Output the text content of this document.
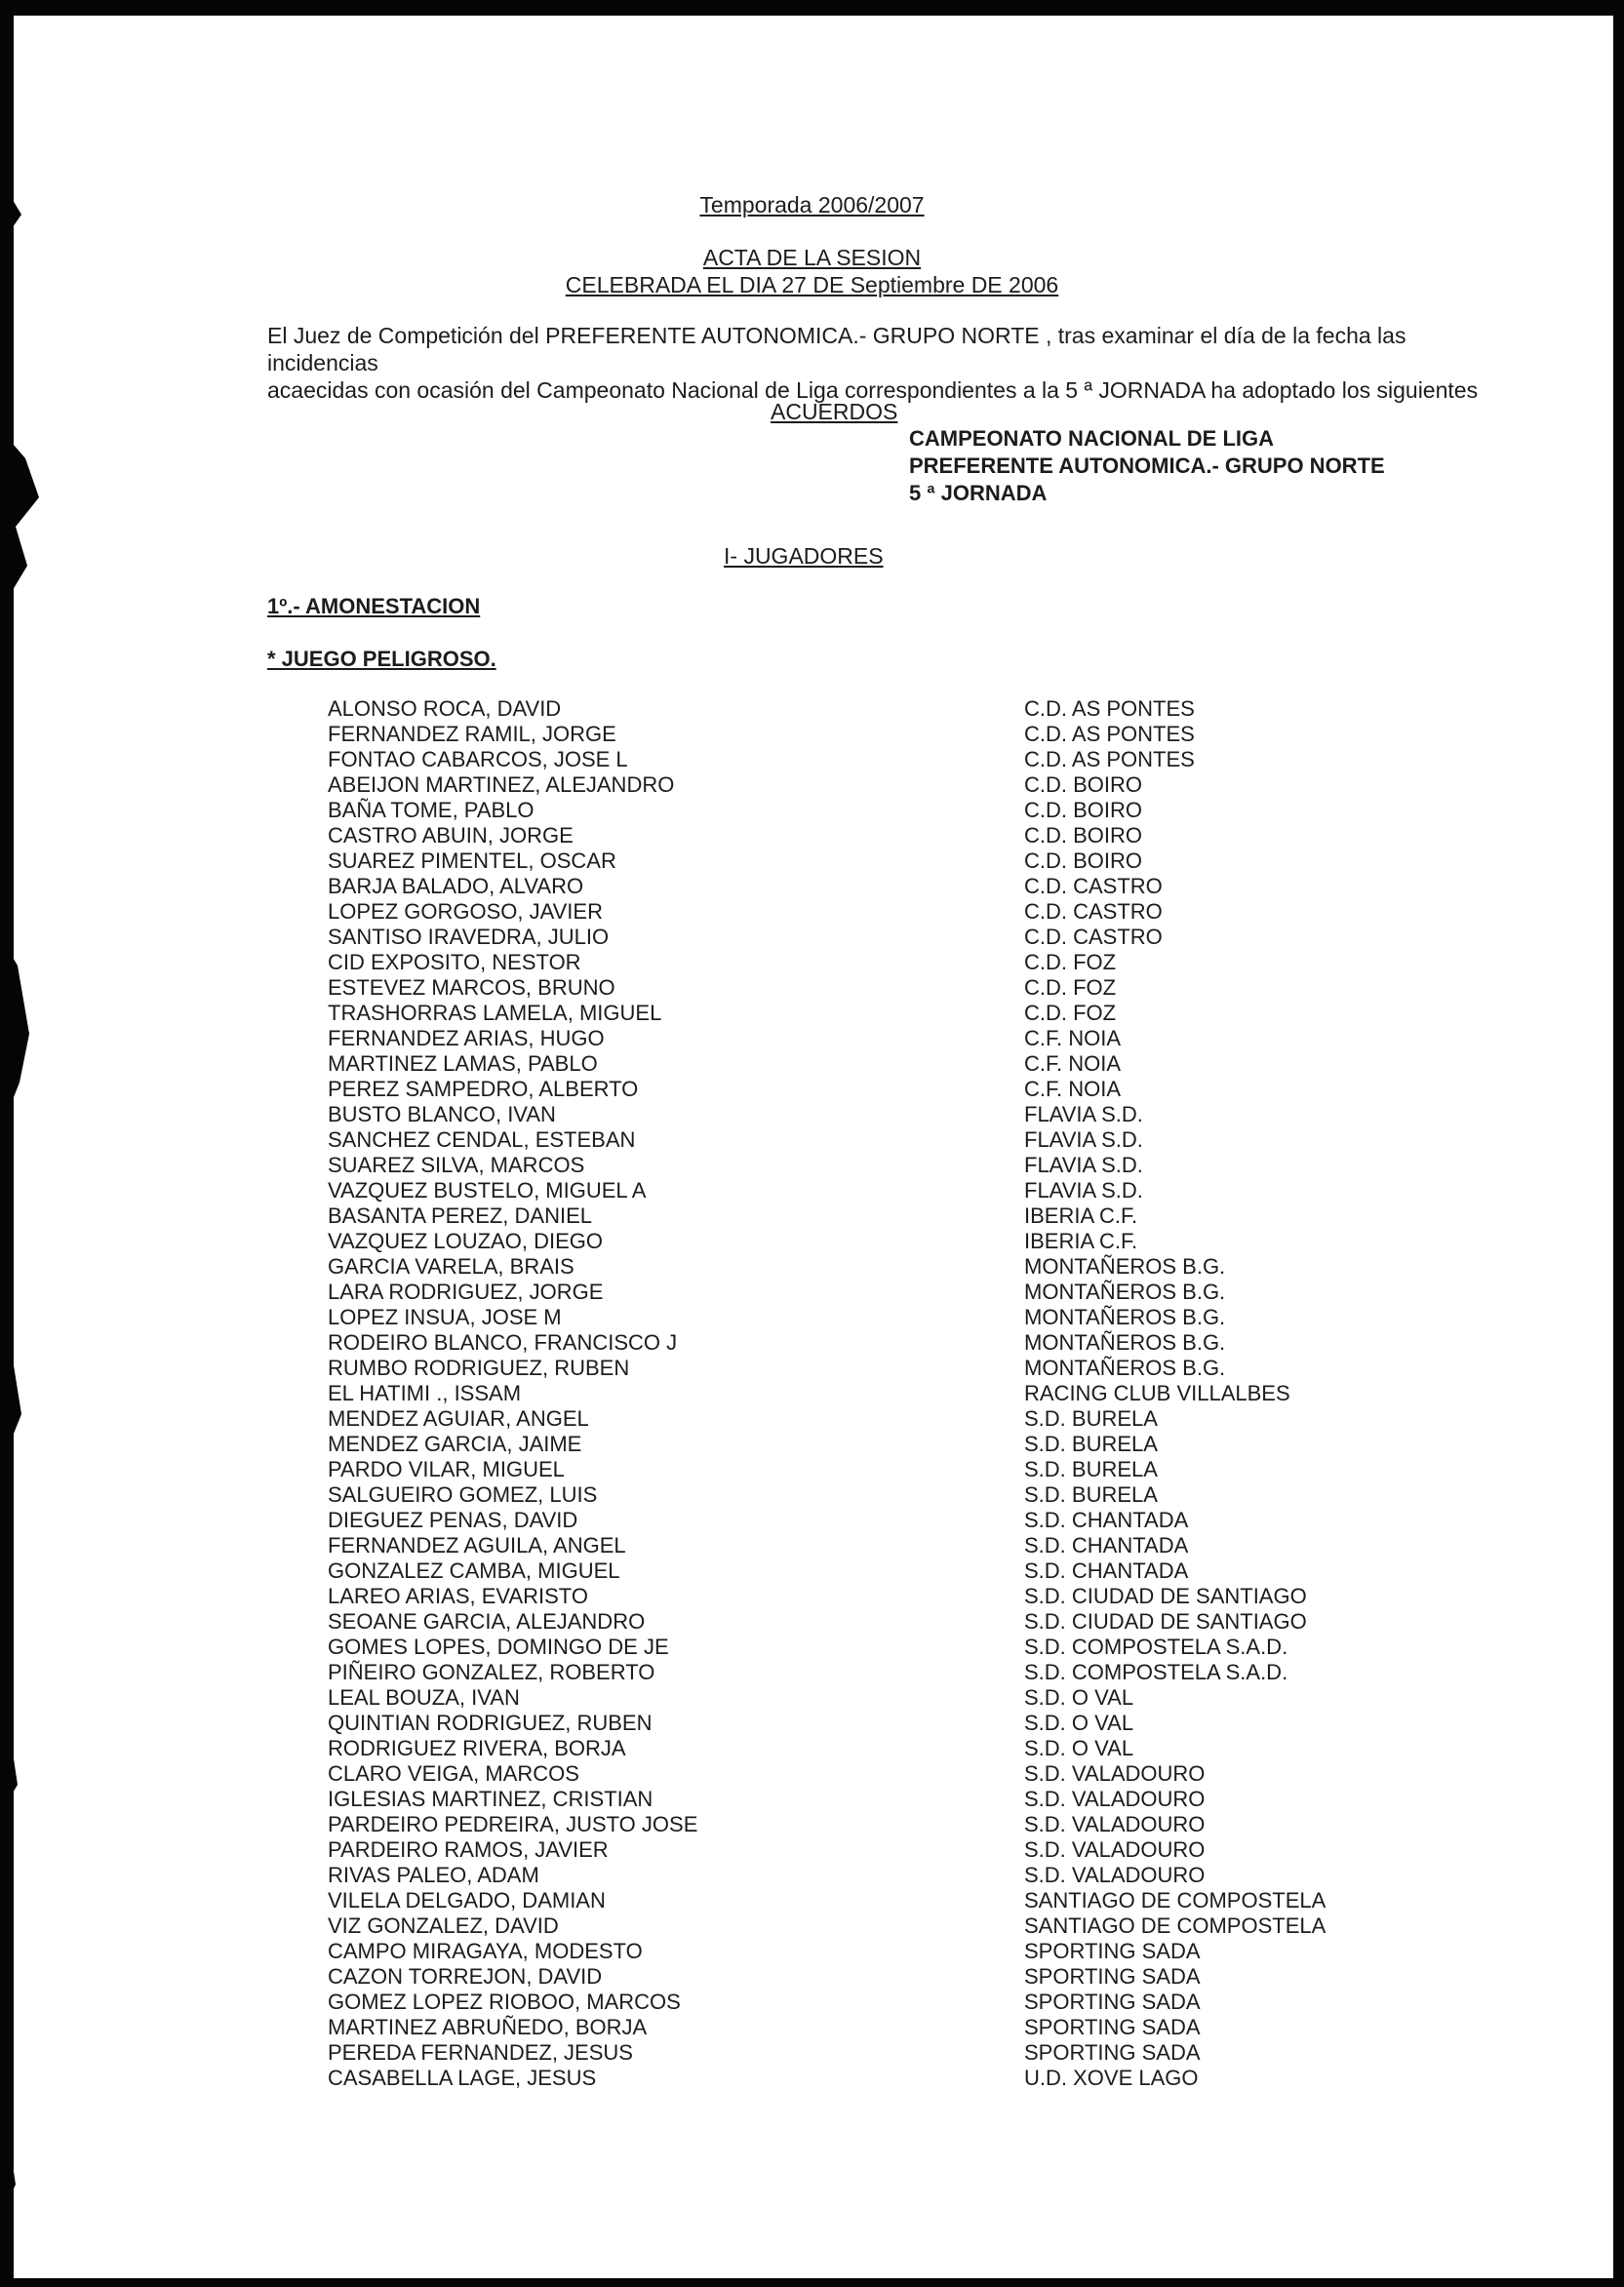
Temporada 2006/2007
ACTA DE LA SESION
CELEBRADA EL DIA 27 DE Septiembre DE 2006

El Juez de Competición del PREFERENTE AUTONOMICA.- GRUPO NORTE , tras examinar el día de la fecha las incidencias

acaecidas con ocasión del Campeonato Nacional de Liga correspondientes a la 5 ª JORNADA ha adoptado los siguientes

ACUERDOS
CAMPEONATO NACIONAL DE LIGA
PREFERENTE AUTONOMICA.- GRUPO NORTE
5 ª JORNADA
I- JUGADORES
1º.- AMONESTACION
* JUEGO PELIGROSO.
ALONSO ROCA, DAVID	C.D. AS PONTES
FERNANDEZ RAMIL, JORGE	C.D. AS PONTES
FONTAO CABARCOS, JOSE L	C.D. AS PONTES
ABEIJON MARTINEZ, ALEJANDRO	C.D. BOIRO
BAÑA TOME, PABLO	C.D. BOIRO
CASTRO ABUIN, JORGE	C.D. BOIRO
SUAREZ PIMENTEL, OSCAR	C.D. BOIRO
BARJA BALADO, ALVARO	C.D. CASTRO
LOPEZ GORGOSO, JAVIER	C.D. CASTRO
SANTISO IRAVEDRA, JULIO	C.D. CASTRO
CID EXPOSITO, NESTOR	C.D. FOZ
ESTEVEZ MARCOS, BRUNO	C.D. FOZ
TRASHORRAS LAMELA, MIGUEL	C.D. FOZ
FERNANDEZ ARIAS, HUGO	C.F. NOIA
MARTINEZ LAMAS, PABLO	C.F. NOIA
PEREZ SAMPEDRO, ALBERTO	C.F. NOIA
BUSTO BLANCO, IVAN	FLAVIA S.D.
SANCHEZ CENDAL, ESTEBAN	FLAVIA S.D.
SUAREZ SILVA, MARCOS	FLAVIA S.D.
VAZQUEZ BUSTELO, MIGUEL A	FLAVIA S.D.
BASANTA PEREZ, DANIEL	IBERIA C.F.
VAZQUEZ LOUZAO, DIEGO	IBERIA C.F.
GARCIA VARELA, BRAIS	MONTAÑEROS B.G.
LARA RODRIGUEZ, JORGE	MONTAÑEROS B.G.
LOPEZ INSUA, JOSE M	MONTAÑEROS B.G.
RODEIRO BLANCO, FRANCISCO J	MONTAÑEROS B.G.
RUMBO RODRIGUEZ, RUBEN	MONTAÑEROS B.G.
EL HATIMI ., ISSAM	RACING CLUB VILLALBES
MENDEZ AGUIAR, ANGEL	S.D. BURELA
MENDEZ GARCIA, JAIME	S.D. BURELA
PARDO VILAR, MIGUEL	S.D. BURELA
SALGUEIRO GOMEZ, LUIS	S.D. BURELA
DIEGUEZ PENAS, DAVID	S.D. CHANTADA
FERNANDEZ AGUILA, ANGEL	S.D. CHANTADA
GONZALEZ CAMBA, MIGUEL	S.D. CHANTADA
LAREO ARIAS, EVARISTO	S.D. CIUDAD DE SANTIAGO
SEOANE GARCIA, ALEJANDRO	S.D. CIUDAD DE SANTIAGO
GOMES LOPES, DOMINGO DE JE	S.D. COMPOSTELA S.A.D.
PIÑEIRO GONZALEZ, ROBERTO	S.D. COMPOSTELA S.A.D.
LEAL BOUZA, IVAN	S.D. O VAL
QUINTIAN RODRIGUEZ, RUBEN	S.D. O VAL
RODRIGUEZ RIVERA, BORJA	S.D. O VAL
CLARO VEIGA, MARCOS	S.D. VALADOURO
IGLESIAS MARTINEZ, CRISTIAN	S.D. VALADOURO
PARDEIRO PEDREIRA, JUSTO JOSE	S.D. VALADOURO
PARDEIRO RAMOS, JAVIER	S.D. VALADOURO
RIVAS PALEO, ADAM	S.D. VALADOURO
VILELA DELGADO, DAMIAN	SANTIAGO DE COMPOSTELA
VIZ GONZALEZ, DAVID	SANTIAGO DE COMPOSTELA
CAMPO MIRAGAYA, MODESTO	SPORTING SADA
CAZON TORREJON, DAVID	SPORTING SADA
GOMEZ LOPEZ RIOBOO, MARCOS	SPORTING SADA
MARTINEZ ABRUÑEDO, BORJA	SPORTING SADA
PEREDA FERNANDEZ, JESUS	SPORTING SADA
CASABELLA LAGE, JESUS	U.D. XOVE LAGO
